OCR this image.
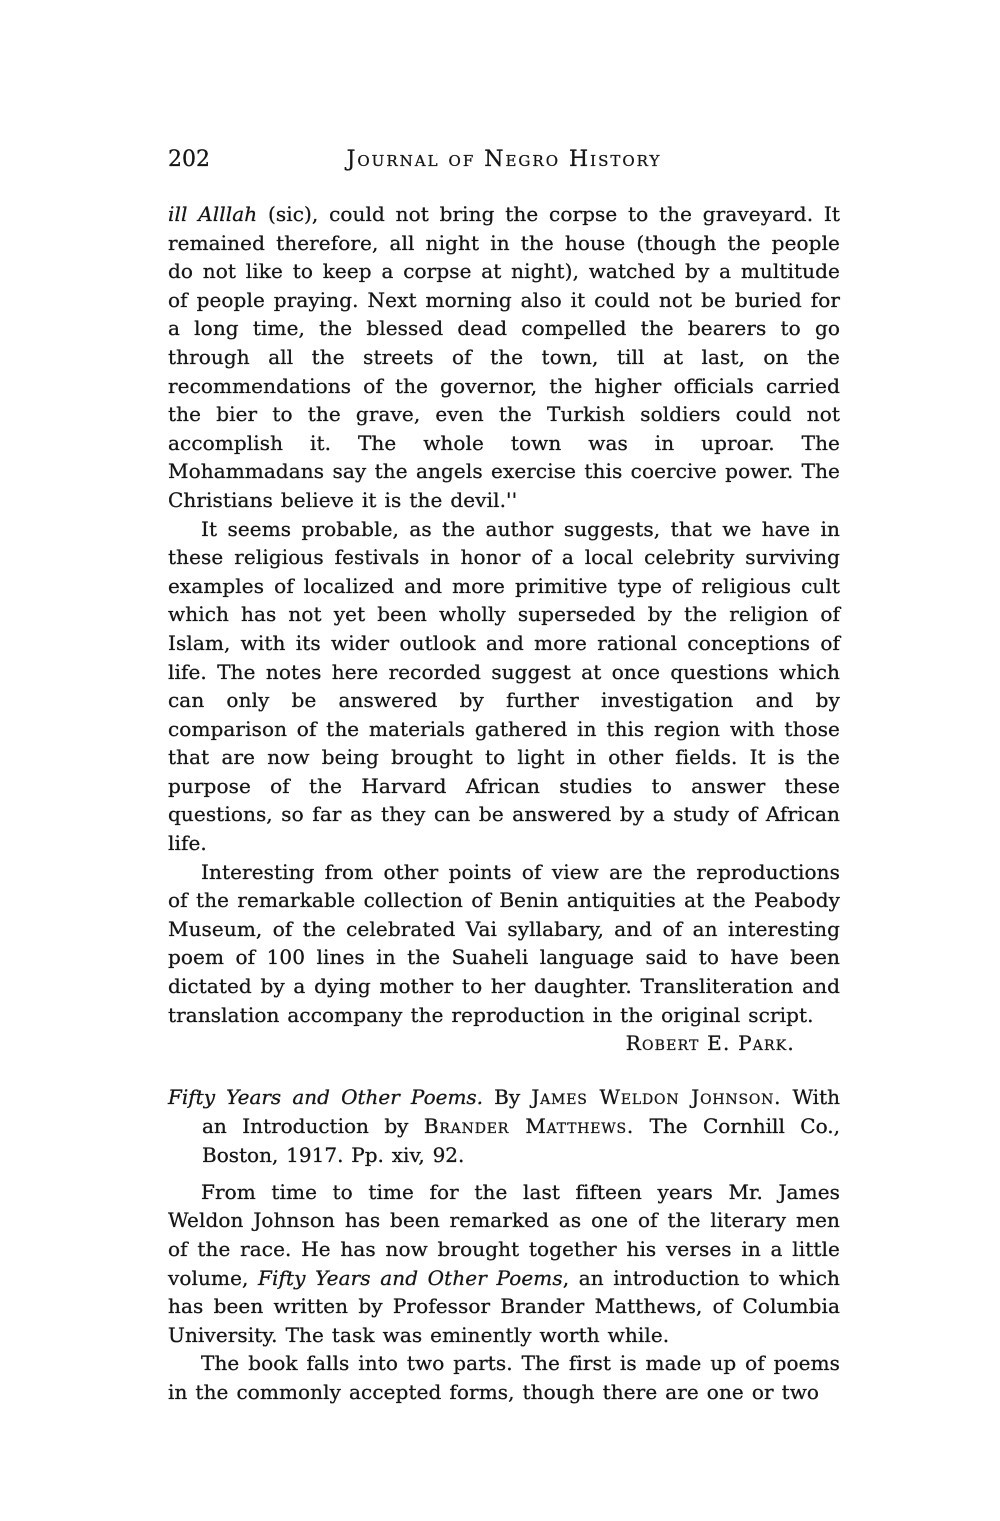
202	Journal of Negro History

ill Alllah (sic), could not bring the corpse to the graveyard. It remained therefore, all night in the house (though the people do not like to keep a corpse at night), watched by a multitude of people praying. Next morning also it could not be buried for a long time, the blessed dead compelled the bearers to go through all the streets of the town, till at last, on the recommendations of the governor, the higher officials carried the bier to the grave, even the Turkish soldiers could not accomplish it. The whole town was in uproar. The Mohammadans say the angels exercise this coercive power. The Christians believe it is the devil.''

It seems probable, as the author suggests, that we have in these religious festivals in honor of a local celebrity surviving examples of localized and more primitive type of religious cult which has not yet been wholly superseded by the religion of Islam, with its wider outlook and more rational conceptions of life. The notes here recorded suggest at once questions which can only be answered by further investigation and by comparison of the materials gathered in this region with those that are now being brought to light in other fields. It is the purpose of the Harvard African studies to answer these questions, so far as they can be answered by a study of African life.

Interesting from other points of view are the reproductions of the remarkable collection of Benin antiquities at the Peabody Museum, of the celebrated Vai syllabary, and of an interesting poem of 100 lines in the Suaheli language said to have been dictated by a dying mother to her daughter. Transliteration and translation accompany the reproduction in the original script.

Robert E. Park.

Fifty Years and Other Poems. By James Weldon Johnson. With an Introduction by Brander Matthews. The Cornhill Co., Boston, 1917. Pp. xiv, 92.

From time to time for the last fifteen years Mr. James Weldon Johnson has been remarked as one of the literary men of the race. He has now brought together his verses in a little volume, Fifty Years and Other Poems, an introduction to which has been written by Professor Brander Matthews, of Columbia University. The task was eminently worth while.

The book falls into two parts. The first is made up of poems in the commonly accepted forms, though there are one or two
